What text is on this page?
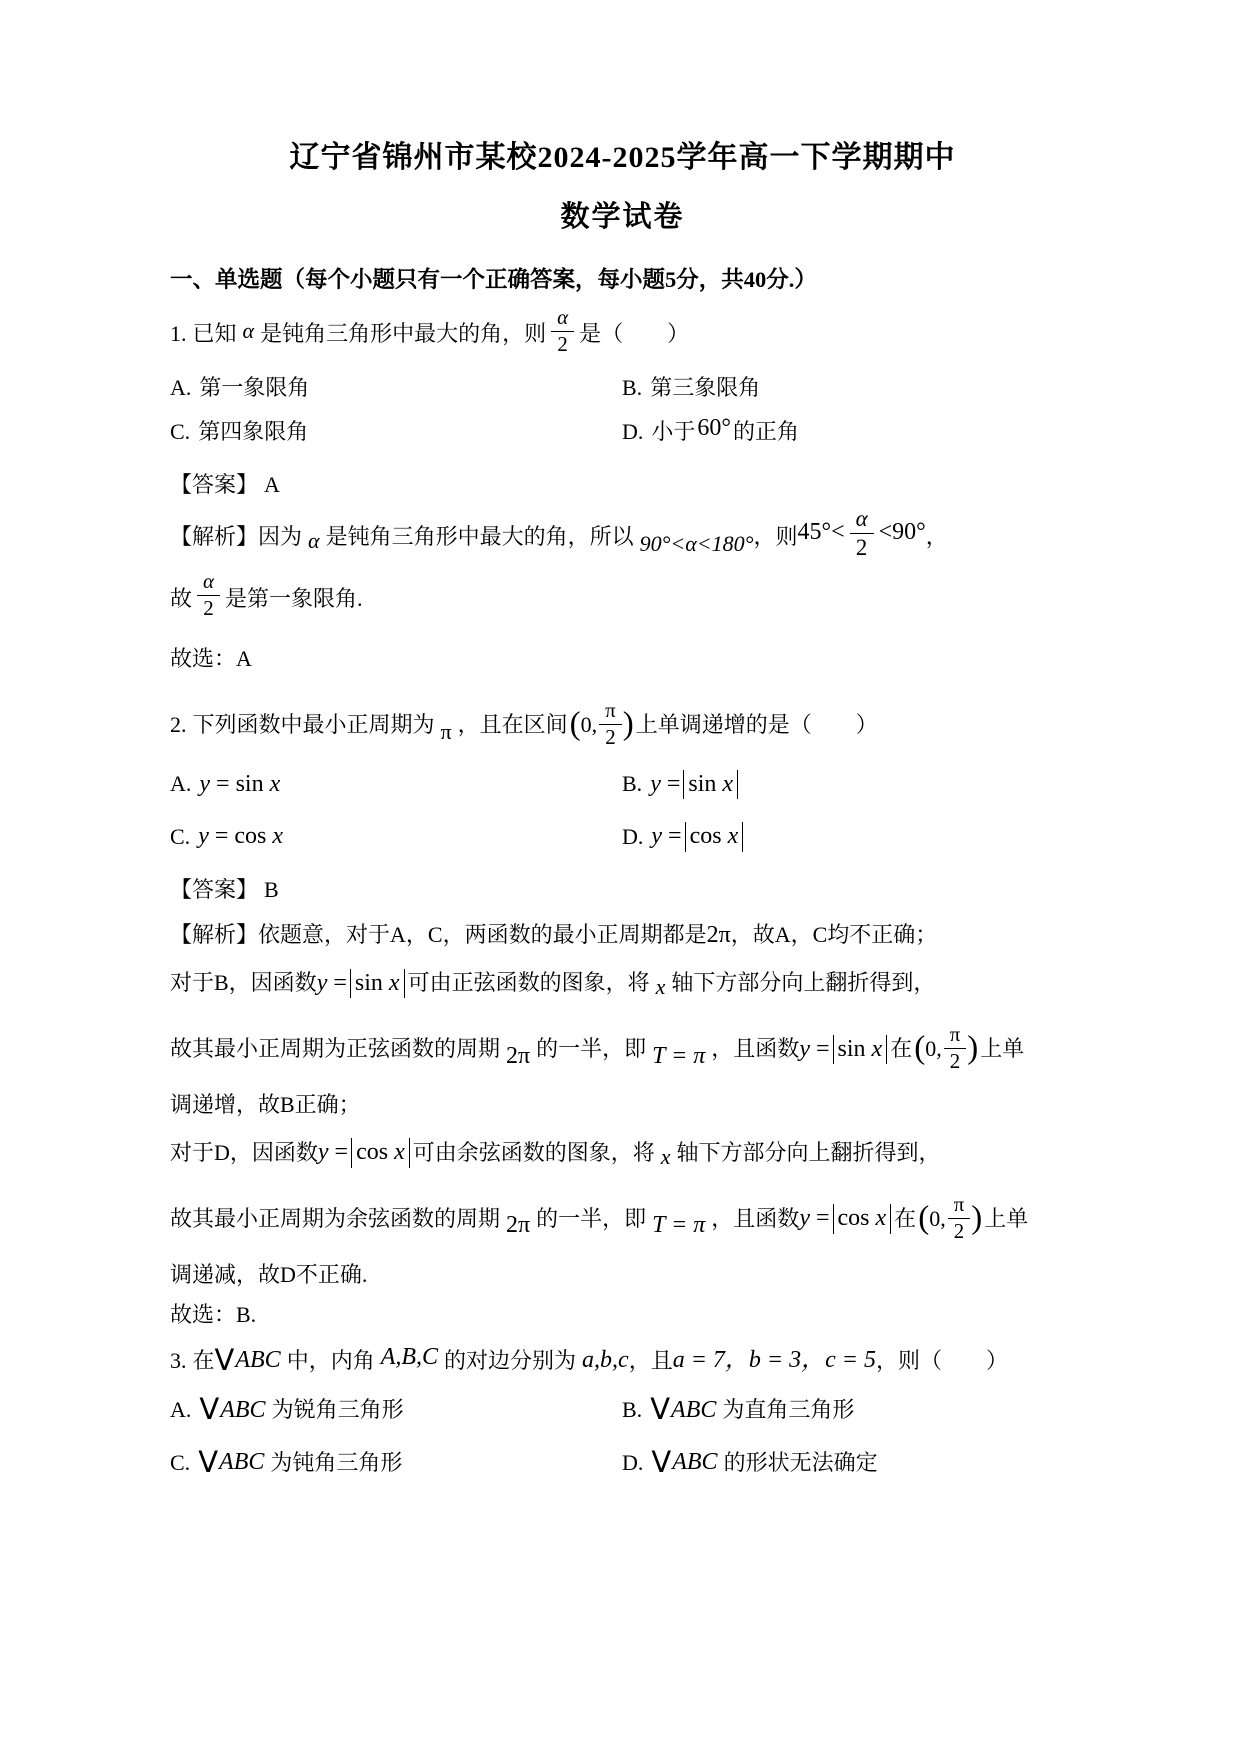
辽宁省锦州市某校2024-2025学年高一下学期期中
数学试卷
一、单选题（每个小题只有一个正确答案，每小题5分，共40分.）
1. 已知 α 是钝角三角形中最大的角，则 $\frac{\alpha}{2}$ 是（　　）
A. 第一象限角	B. 第三象限角
C. 第四象限角	D. 小于 60° 的正角
【答案】 A
【解析】 因为 α 是钝角三角形中最大的角，所以 90°<α<180° ，则 $45^\circ< \frac{\alpha}{2} <90^\circ$ ，
故 $\frac{\alpha}{2}$ 是第一象限角.
故选：A
2. 下列函数中最小正周期为 π ，且在区间 ( 0, $\frac{\pi}{2}$ ) 上单调递增的是（　　）
A. y = sin x	B. y = sin x
C. y = cos x	D. y = cos x
【答案】 B
【解析】依题意，对于A，C，两函数的最小正周期都是2π，故A，C均不正确；
对于B，因函数 y = sin x 可由正弦函数的图象，将 x 轴下方部分向上翻折得到，
故其最小正周期为正弦函数的周期 2π 的一半，即 T = π ，且函数 y = sin x 在 ( 0, $\frac{\pi}{2}$ ) 上单
调递增，故B正确；
对于D，因函数 y = cos x 可由余弦函数的图象，将 x 轴下方部分向上翻折得到，
故其最小正周期为余弦函数的周期 2π 的一半，即 T = π ，且函数 y = cos x 在 ( 0, $\frac{\pi}{2}$ ) 上单
调递减，故D不正确.
故选：B.
3. 在 V ABC 中，内角 A,B,C 的对边分别为 a,b,c ，且 a = 7，b = 3，c = 5 ，则（　　）
A. V ABC 为锐角三角形	B. V ABC 为直角三角形
C. V ABC 为钝角三角形	D. V ABC 的形状无法确定
